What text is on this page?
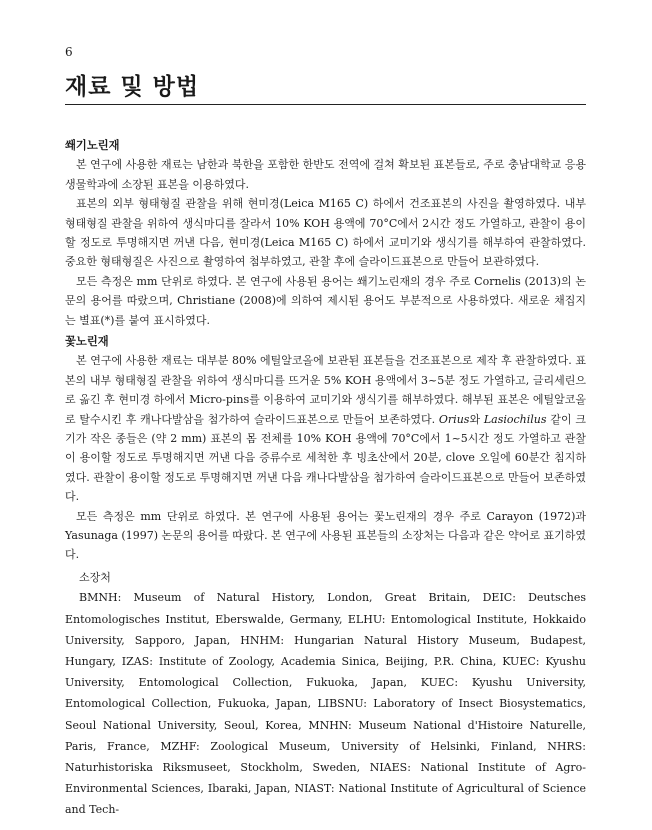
6
재료 및 방법

쐐기노린재

본 연구에 사용한 재료는 남한과 북한을 포함한 한반도 전역에 걸쳐 확보된 표본들로, 주로 충남대학교 응용생물학과에 소장된 표본을 이용하였다.

표본의 외부 형태형질 관찰을 위해 현미경(Leica M165 C) 하에서 건조표본의 사진을 촬영하였다. 내부 형태형질 관찰을 위하여 생식마디를 잘라서 10% KOH 용액에 70°C에서 2시간 정도 가열하고, 관찰이 용이할 정도로 투명해지면 꺼낸 다음, 현미경(Leica M165 C) 하에서 교미기와 생식기를 해부하여 관찰하였다. 중요한 형태형질은 사진으로 촬영하여 첨부하였고, 관찰 후에 슬라이드표본으로 만들어 보관하였다.

모든 측정은 mm 단위로 하였다. 본 연구에 사용된 용어는 쐐기노린재의 경우 주로 Cornelis (2013)의 논문의 용어를 따랐으며, Christiane (2008)에 의하여 제시된 용어도 부분적으로 사용하였다. 새로운 채집지는 별표(*)를 붙여 표시하였다.

꽃노린재

본 연구에 사용한 재료는 대부분 80% 에틸알코올에 보관된 표본들을 건조표본으로 제작 후 관찰하였다. 표본의 내부 형태형질 관찰을 위하여 생식마디를 뜨거운 5% KOH 용액에서 3~5분 정도 가열하고, 글리세린으로 옮긴 후 현미경 하에서 Micro-pins를 이용하여 교미기와 생식기를 해부하였다. 해부된 표본은 에틸알코올로 탈수시킨 후 캐나다발삼을 첨가하여 슬라이드표본으로 만들어 보존하였다. Orius와 Lasiochilus 같이 크기가 작은 종들은 (약 2 mm) 표본의 몸 전체를 10% KOH 용액에 70°C에서 1~5시간 정도 가열하고 관찰이 용이할 정도로 투명해지면 꺼낸 다음 증류수로 세척한 후 빙초산에서 20분, clove 오일에 60분간 침지하였다. 관찰이 용이할 정도로 투명해지면 꺼낸 다음 캐나다발삼을 첨가하여 슬라이드표본으로 만들어 보존하였다.

모든 측정은 mm 단위로 하였다. 본 연구에 사용된 용어는 꽃노린재의 경우 주로 Carayon (1972)과 Yasunaga (1997) 논문의 용어를 따랐다. 본 연구에 사용된 표본들의 소장처는 다음과 같은 약어로 표기하였다.

소장처

BMNH: Museum of Natural History, London, Great Britain, DEIC: Deutsches Entomologisches Institut, Eberswalde, Germany, ELHU: Entomological Institute, Hokkaido University, Sapporo, Japan, HNHM: Hungarian Natural History Museum, Budapest, Hungary, IZAS: Institute of Zoology, Academia Sinica, Beijing, P.R. China, KUEC: Kyushu University, Entomological Collection, Fukuoka, Japan, KUEC: Kyushu University, Entomological Collection, Fukuoka, Japan, LIBSNU: Laboratory of Insect Biosystematics, Seoul National University, Seoul, Korea, MNHN: Museum National d'Histoire Naturelle, Paris, France, MZHF: Zoological Museum, University of Helsinki, Finland, NHRS: Naturhistoriska Riksmuseet, Stockholm, Sweden, NIAES: National Institute of Agro-Environmental Sciences, Ibaraki, Japan, NIAST: National Institute of Agricultural of Science and Tech-
